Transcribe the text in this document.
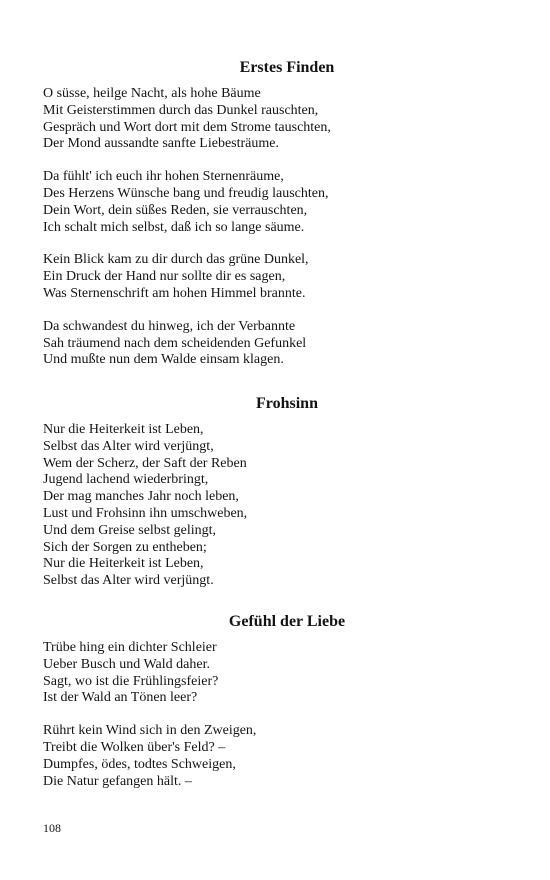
Erstes Finden
O süsse, heilge Nacht, als hohe Bäume
Mit Geisterstimmen durch das Dunkel rauschten,
Gespräch und Wort dort mit dem Strome tauschten,
Der Mond aussandte sanfte Liebesträume.
Da fühlt' ich euch ihr hohen Sternenräume,
Des Herzens Wünsche bang und freudig lauschten,
Dein Wort, dein süßes Reden, sie verrauschten,
Ich schalt mich selbst, daß ich so lange säume.
Kein Blick kam zu dir durch das grüne Dunkel,
Ein Druck der Hand nur sollte dir es sagen,
Was Sternenschrift am hohen Himmel brannte.
Da schwandest du hinweg, ich der Verbannte
Sah träumend nach dem scheidenden Gefunkel
Und mußte nun dem Walde einsam klagen.
Frohsinn
Nur die Heiterkeit ist Leben,
Selbst das Alter wird verjüngt,
Wem der Scherz, der Saft der Reben
Jugend lachend wiederbringt,
Der mag manches Jahr noch leben,
Lust und Frohsinn ihn umschweben,
Und dem Greise selbst gelingt,
Sich der Sorgen zu entheben;
Nur die Heiterkeit ist Leben,
Selbst das Alter wird verjüngt.
Gefühl der Liebe
Trübe hing ein dichter Schleier
Ueber Busch und Wald daher.
Sagt, wo ist die Frühlingsfeier?
Ist der Wald an Tönen leer?
Rührt kein Wind sich in den Zweigen,
Treibt die Wolken über's Feld? –
Dumpfes, ödes, todtes Schweigen,
Die Natur gefangen hält. –
108
